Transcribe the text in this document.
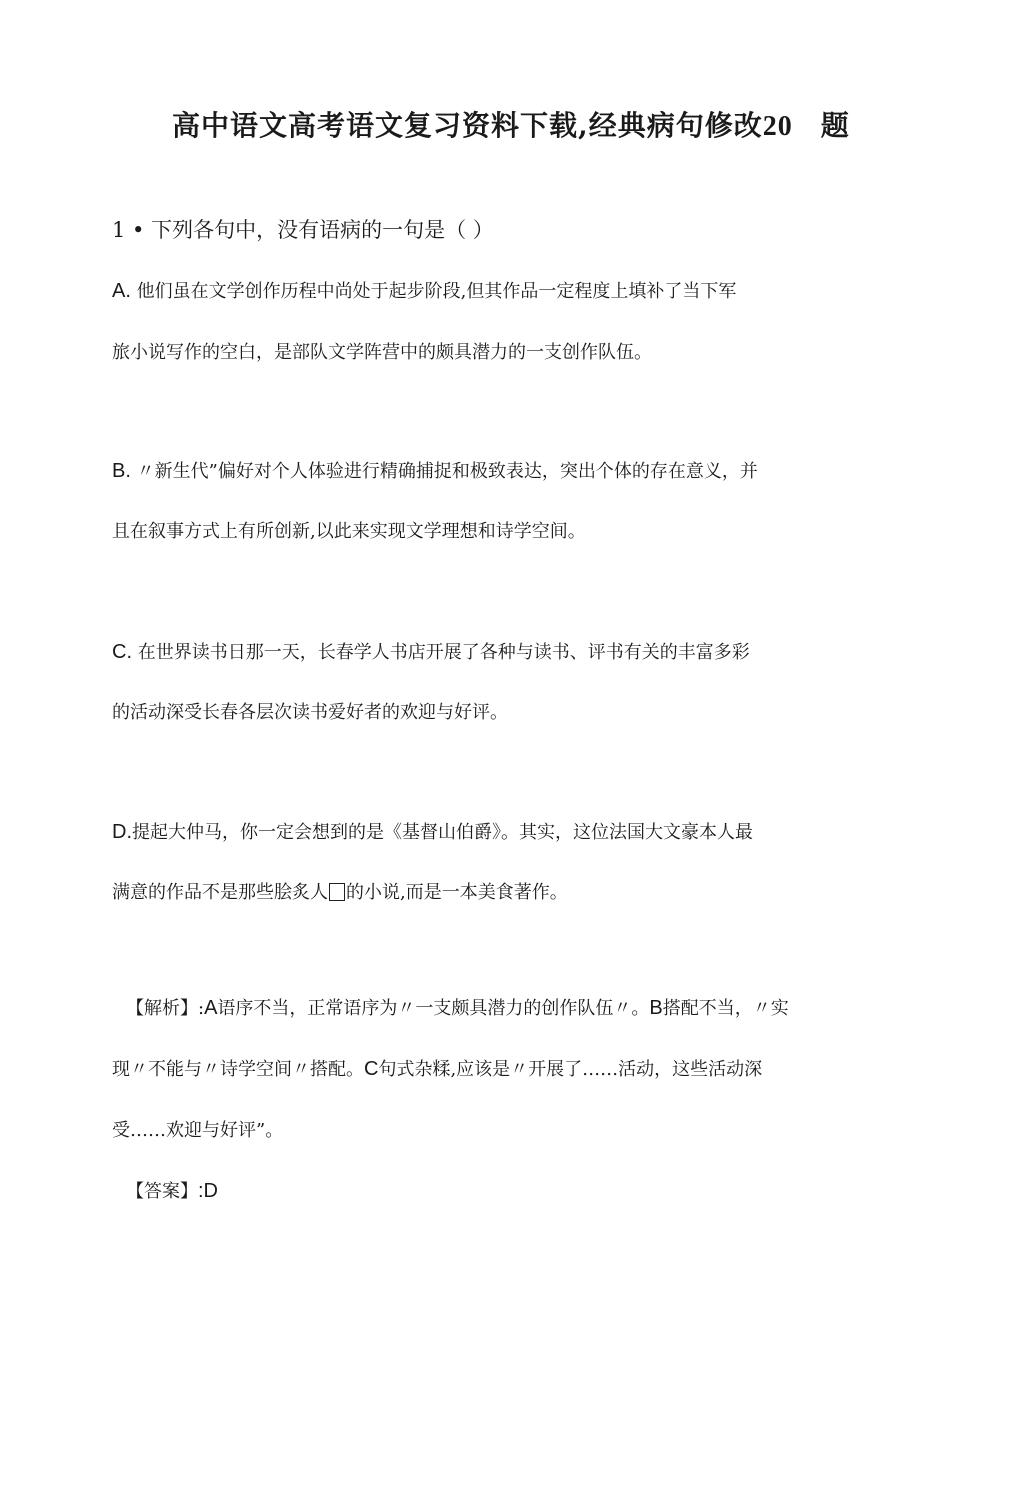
高中语文高考语文复习资料下载,经典病句修改20 题

1 • 下列各句中，没有语病的一句是（ ）

A. 他们虽在文学创作历程中尚处于起步阶段,但其作品一定程度上填补了当下军

旅小说写作的空白，是部队文学阵营中的颇具潜力的一支创作队伍。

B. 〃新生代”偏好对个人体验进行精确捕捉和极致表达，突出个体的存在意义，并

且在叙事方式上有所创新,以此来实现文学理想和诗学空间。

C. 在世界读书日那一天，长春学人书店开展了各种与读书、评书有关的丰富多彩

的活动深受长春各层次读书爱好者的欢迎与好评。

D.提起大仲马，你一定会想到的是《基督山伯爵》。其实，这位法国大文豪本人最

满意的作品不是那些脍炙人 的小说,而是一本美食著作。

【解析】:A语序不当，正常语序为〃一支颇具潜力的创作队伍〃。B搭配不当，〃实

现〃不能与〃诗学空间〃搭配。C句式杂糅,应该是〃开展了……活动，这些活动深

受……欢迎与好评”。

【答案】:D
